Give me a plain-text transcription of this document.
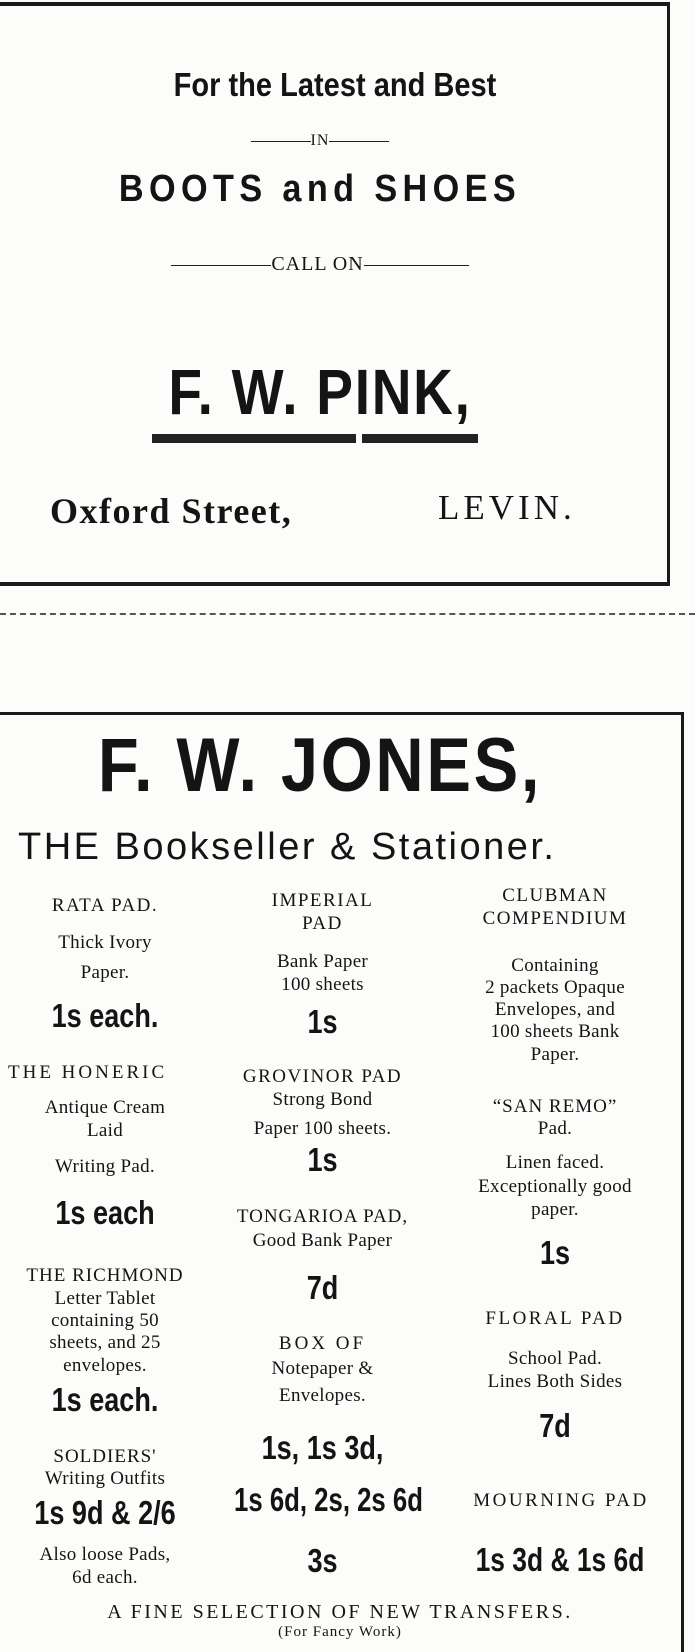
For the Latest and Best
IN
BOOTS and SHOES
CALL ON
F. W. PINK,
Oxford Street,	LEVIN.
F. W. JONES,
THE Bookseller & Stationer.
RATA PAD.
Thick Ivory
Paper.
1s each.
THE HONERIC
Antique Cream
Laid
Writing Pad.
1s each
THE RICHMOND
Letter Tablet
containing 50
sheets, and 25
envelopes.
1s each.
SOLDIERS'
Writing Outfits
1s 9d & 2/6
Also loose Pads,
6d each.
IMPERIAL
PAD
Bank Paper
100 sheets
1s
GROVINOR PAD
Strong Bond
Paper 100 sheets.
1s
TONGARIOA PAD,
Good Bank Paper
7d
BOX OF
Notepaper &
Envelopes.
1s, 1s 3d,
1s 6d, 2s, 2s 6d
3s
CLUBMAN
COMPENDIUM
Containing
2 packets Opaque
Envelopes, and
100 sheets Bank
Paper.
“SAN REMO”
Pad.
Linen faced.
Exceptionally good
paper.
1s
FLORAL PAD
School Pad.
Lines Both Sides
7d
MOURNING PAD
1s 3d & 1s 6d
A FINE SELECTION OF NEW TRANSFERS.
(For Fancy Work)
